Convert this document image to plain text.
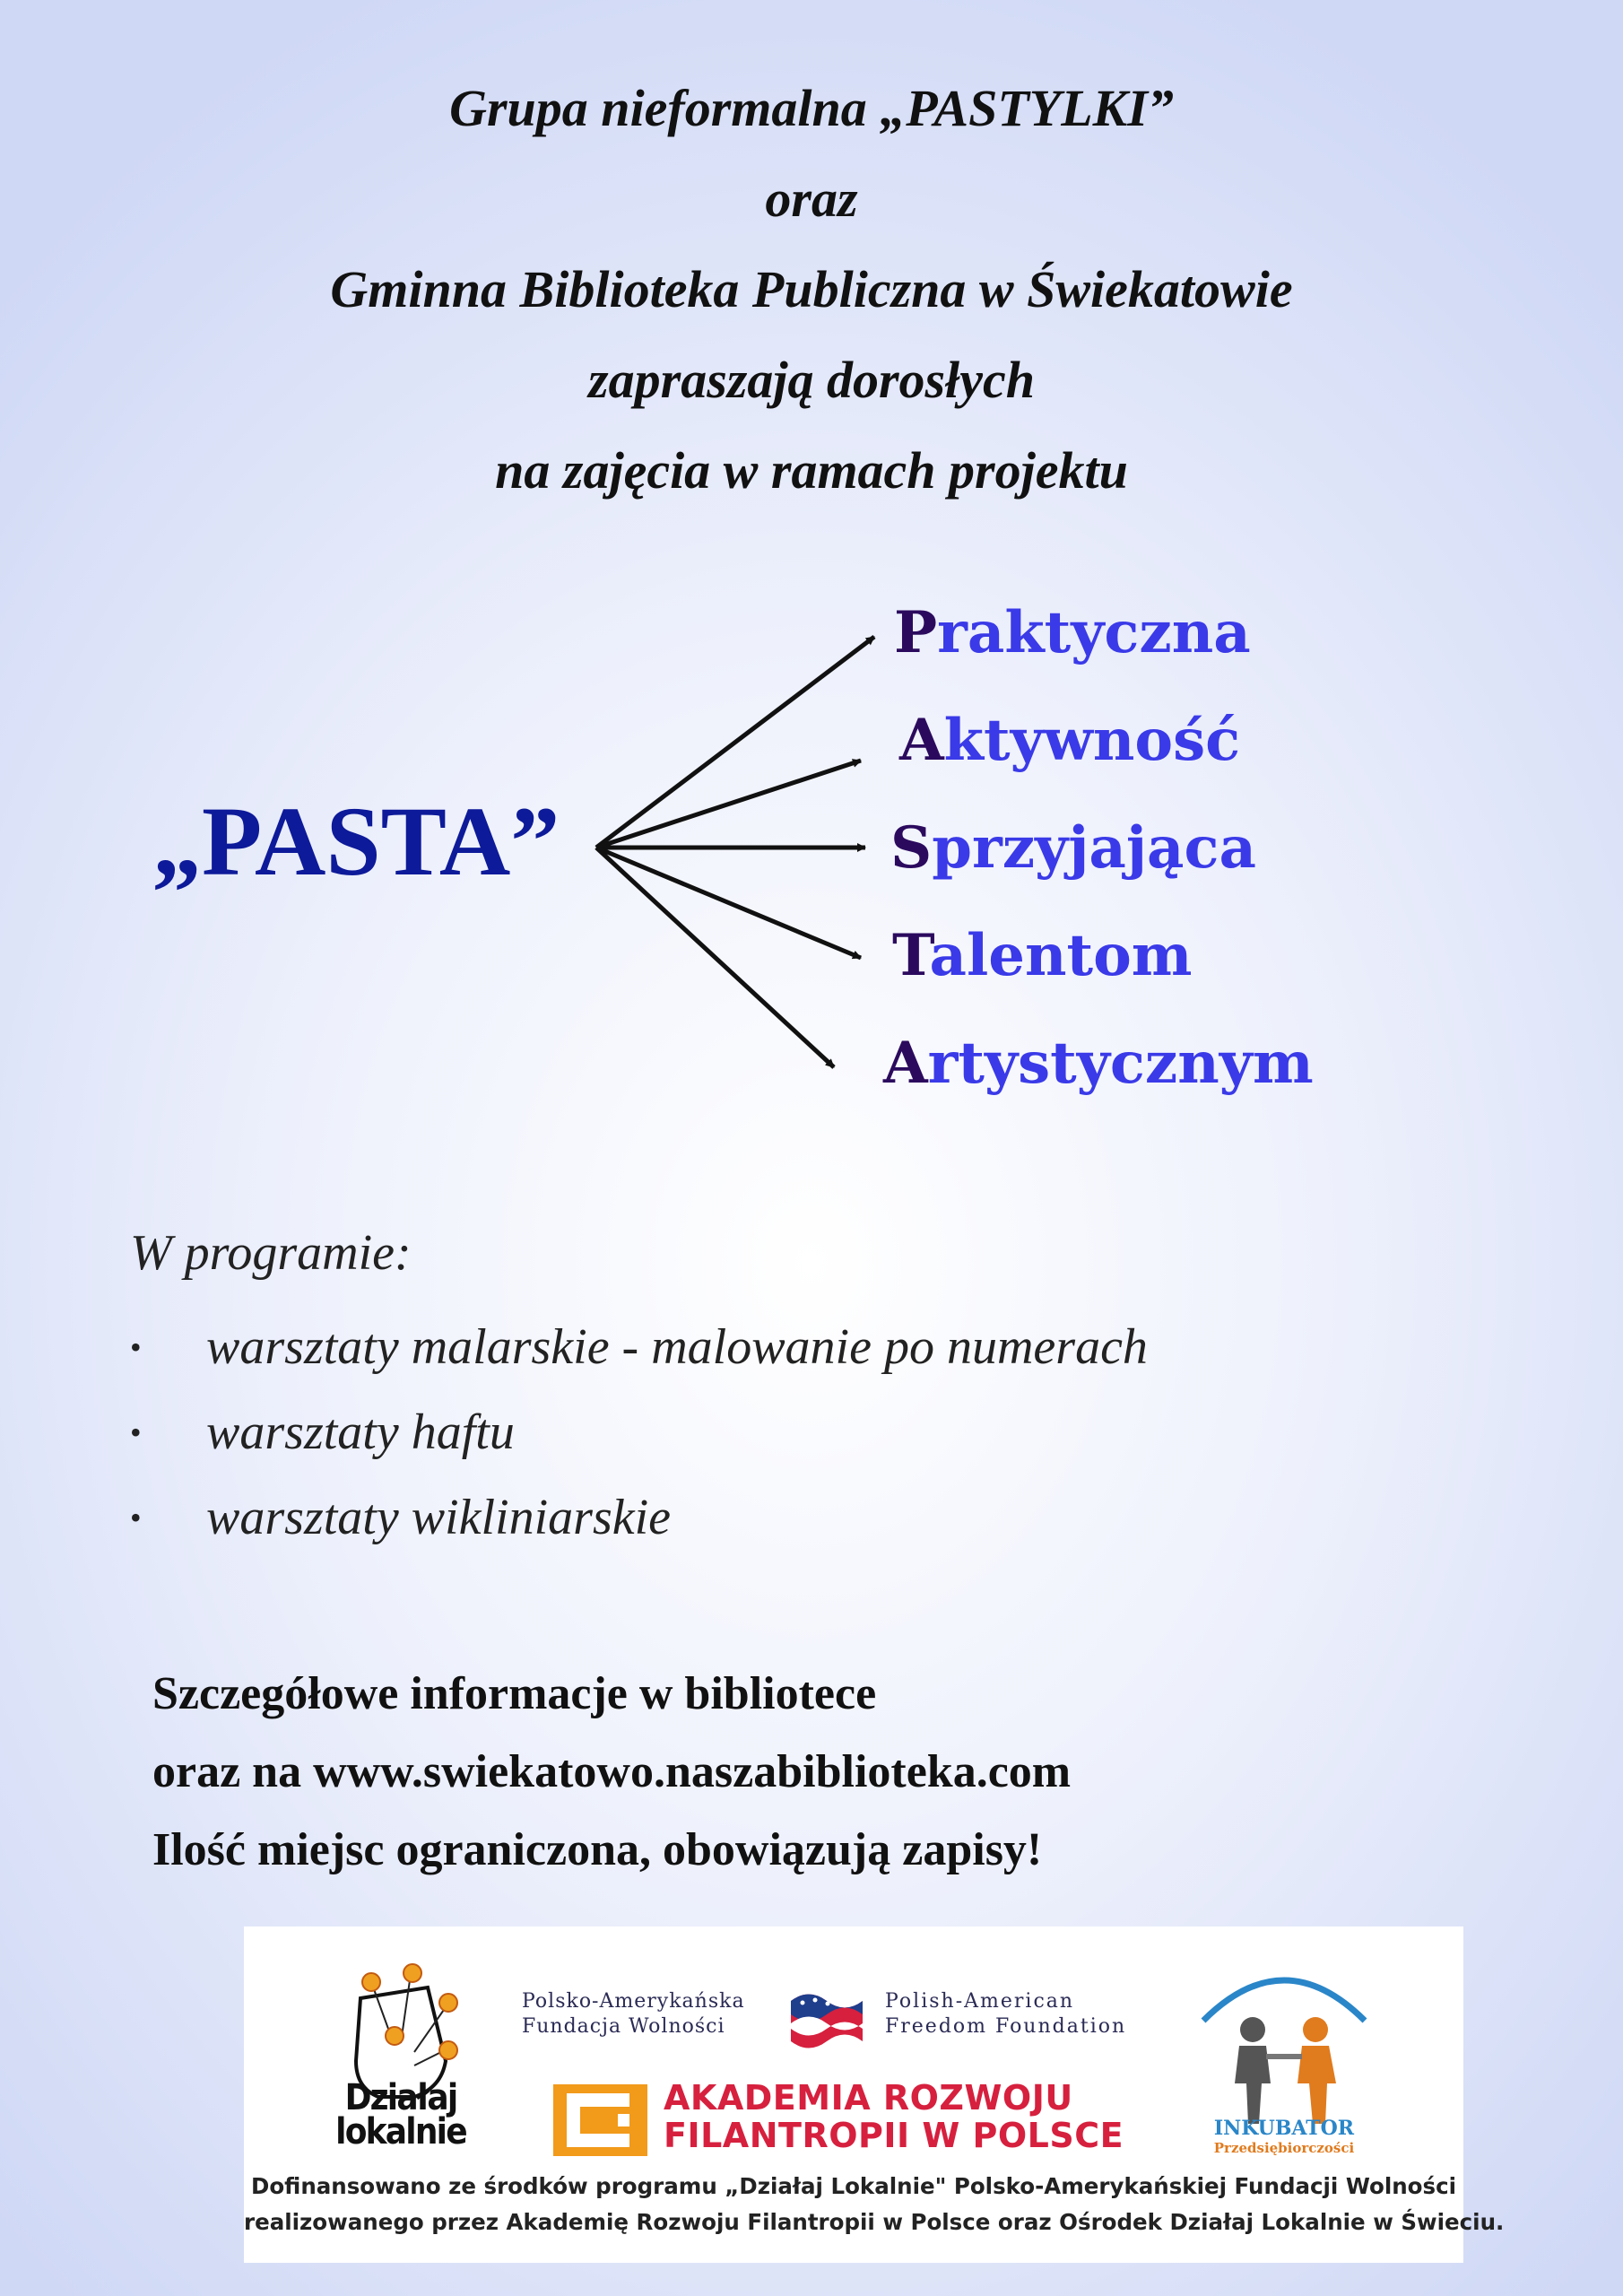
Grupa nieformalna „PASTYLKI”
oraz
Gminna Biblioteka Publiczna w Świekatowie
zapraszają dorosłych
na zajęcia w ramach projektu
„PASTA”
Praktyczna
Aktywność
Sprzyjająca
Talentom
Artystycznym
W programie:
• warsztaty malarskie - malowanie po numerach
• warsztaty haftu
• warsztaty wikliniarskie
Szczegółowe informacje w bibliotece
oraz na www.swiekatowo.naszabiblioteka.com
Ilość miejsc ograniczona, obowiązują zapisy!
Działaj
lokalnie
Polsko-Amerykańska
Fundacja Wolności
Polish-American
Freedom Foundation
AKADEMIA ROZWOJU
FILANTROPII W POLSCE	INKUBATOR
Przedsiębiorczości
Dofinansowano ze środków programu „Działaj Lokalnie" Polsko-Amerykańskiej Fundacji Wolności
realizowanego przez Akademię Rozwoju Filantropii w Polsce oraz Ośrodek Działaj Lokalnie w Świeciu.
